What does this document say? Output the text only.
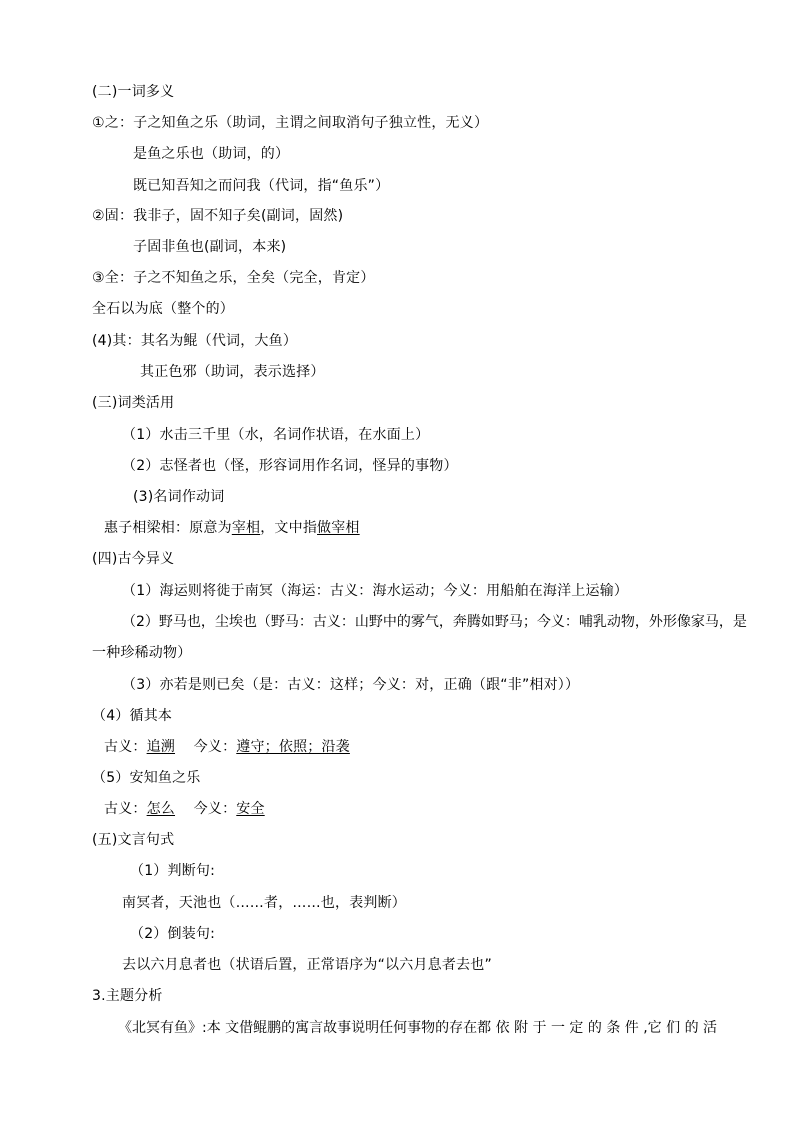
(二)一词多义
①之：子之知鱼之乐（助词，主谓之间取消句子独立性，无义）
是鱼之乐也（助词，的）
既已知吾知之而问我（代词，指“鱼乐”）
②固：我非子，固不知子矣(副词，固然)
子固非鱼也(副词，本来)
③全：子之不知鱼之乐，全矣（完全，肯定）
全石以为底（整个的）
(4)其：其名为鲲（代词，大鱼）
其正色邪（助词，表示选择）
(三)词类活用
（1）水击三千里（水，名词作状语，在水面上）
（2）志怪者也（怪，形容词用作名词，怪异的事物）
(3)名词作动词
惠子相梁相：原意为宰相，文中指做宰相
(四)古今异义
（1）海运则将徙于南冥（海运：古义：海水运动；今义：用船舶在海洋上运输）
（2）野马也，尘埃也（野马：古义：山野中的雾气，奔腾如野马；今义：哺乳动物，外形像家马，是
一种珍稀动物）
（3）亦若是则已矣（是：古义：这样；今义：对，正确（跟“非”相对））
（4）循其本
古义：追溯 今义：遵守；依照；沿袭
（5）安知鱼之乐
古义：怎么 今义：安全
(五)文言句式
（1）判断句:
南冥者，天池也（……者，……也，表判断）
（2）倒装句:
去以六月息者也（状语后置，正常语序为“以六月息者去也”
3.主题分析
《北冥有鱼》:本 文借鲲鹏的寓言故事说明任何事物的存在都 依 附 于 一 定 的 条 件 ,它 们 的 活
